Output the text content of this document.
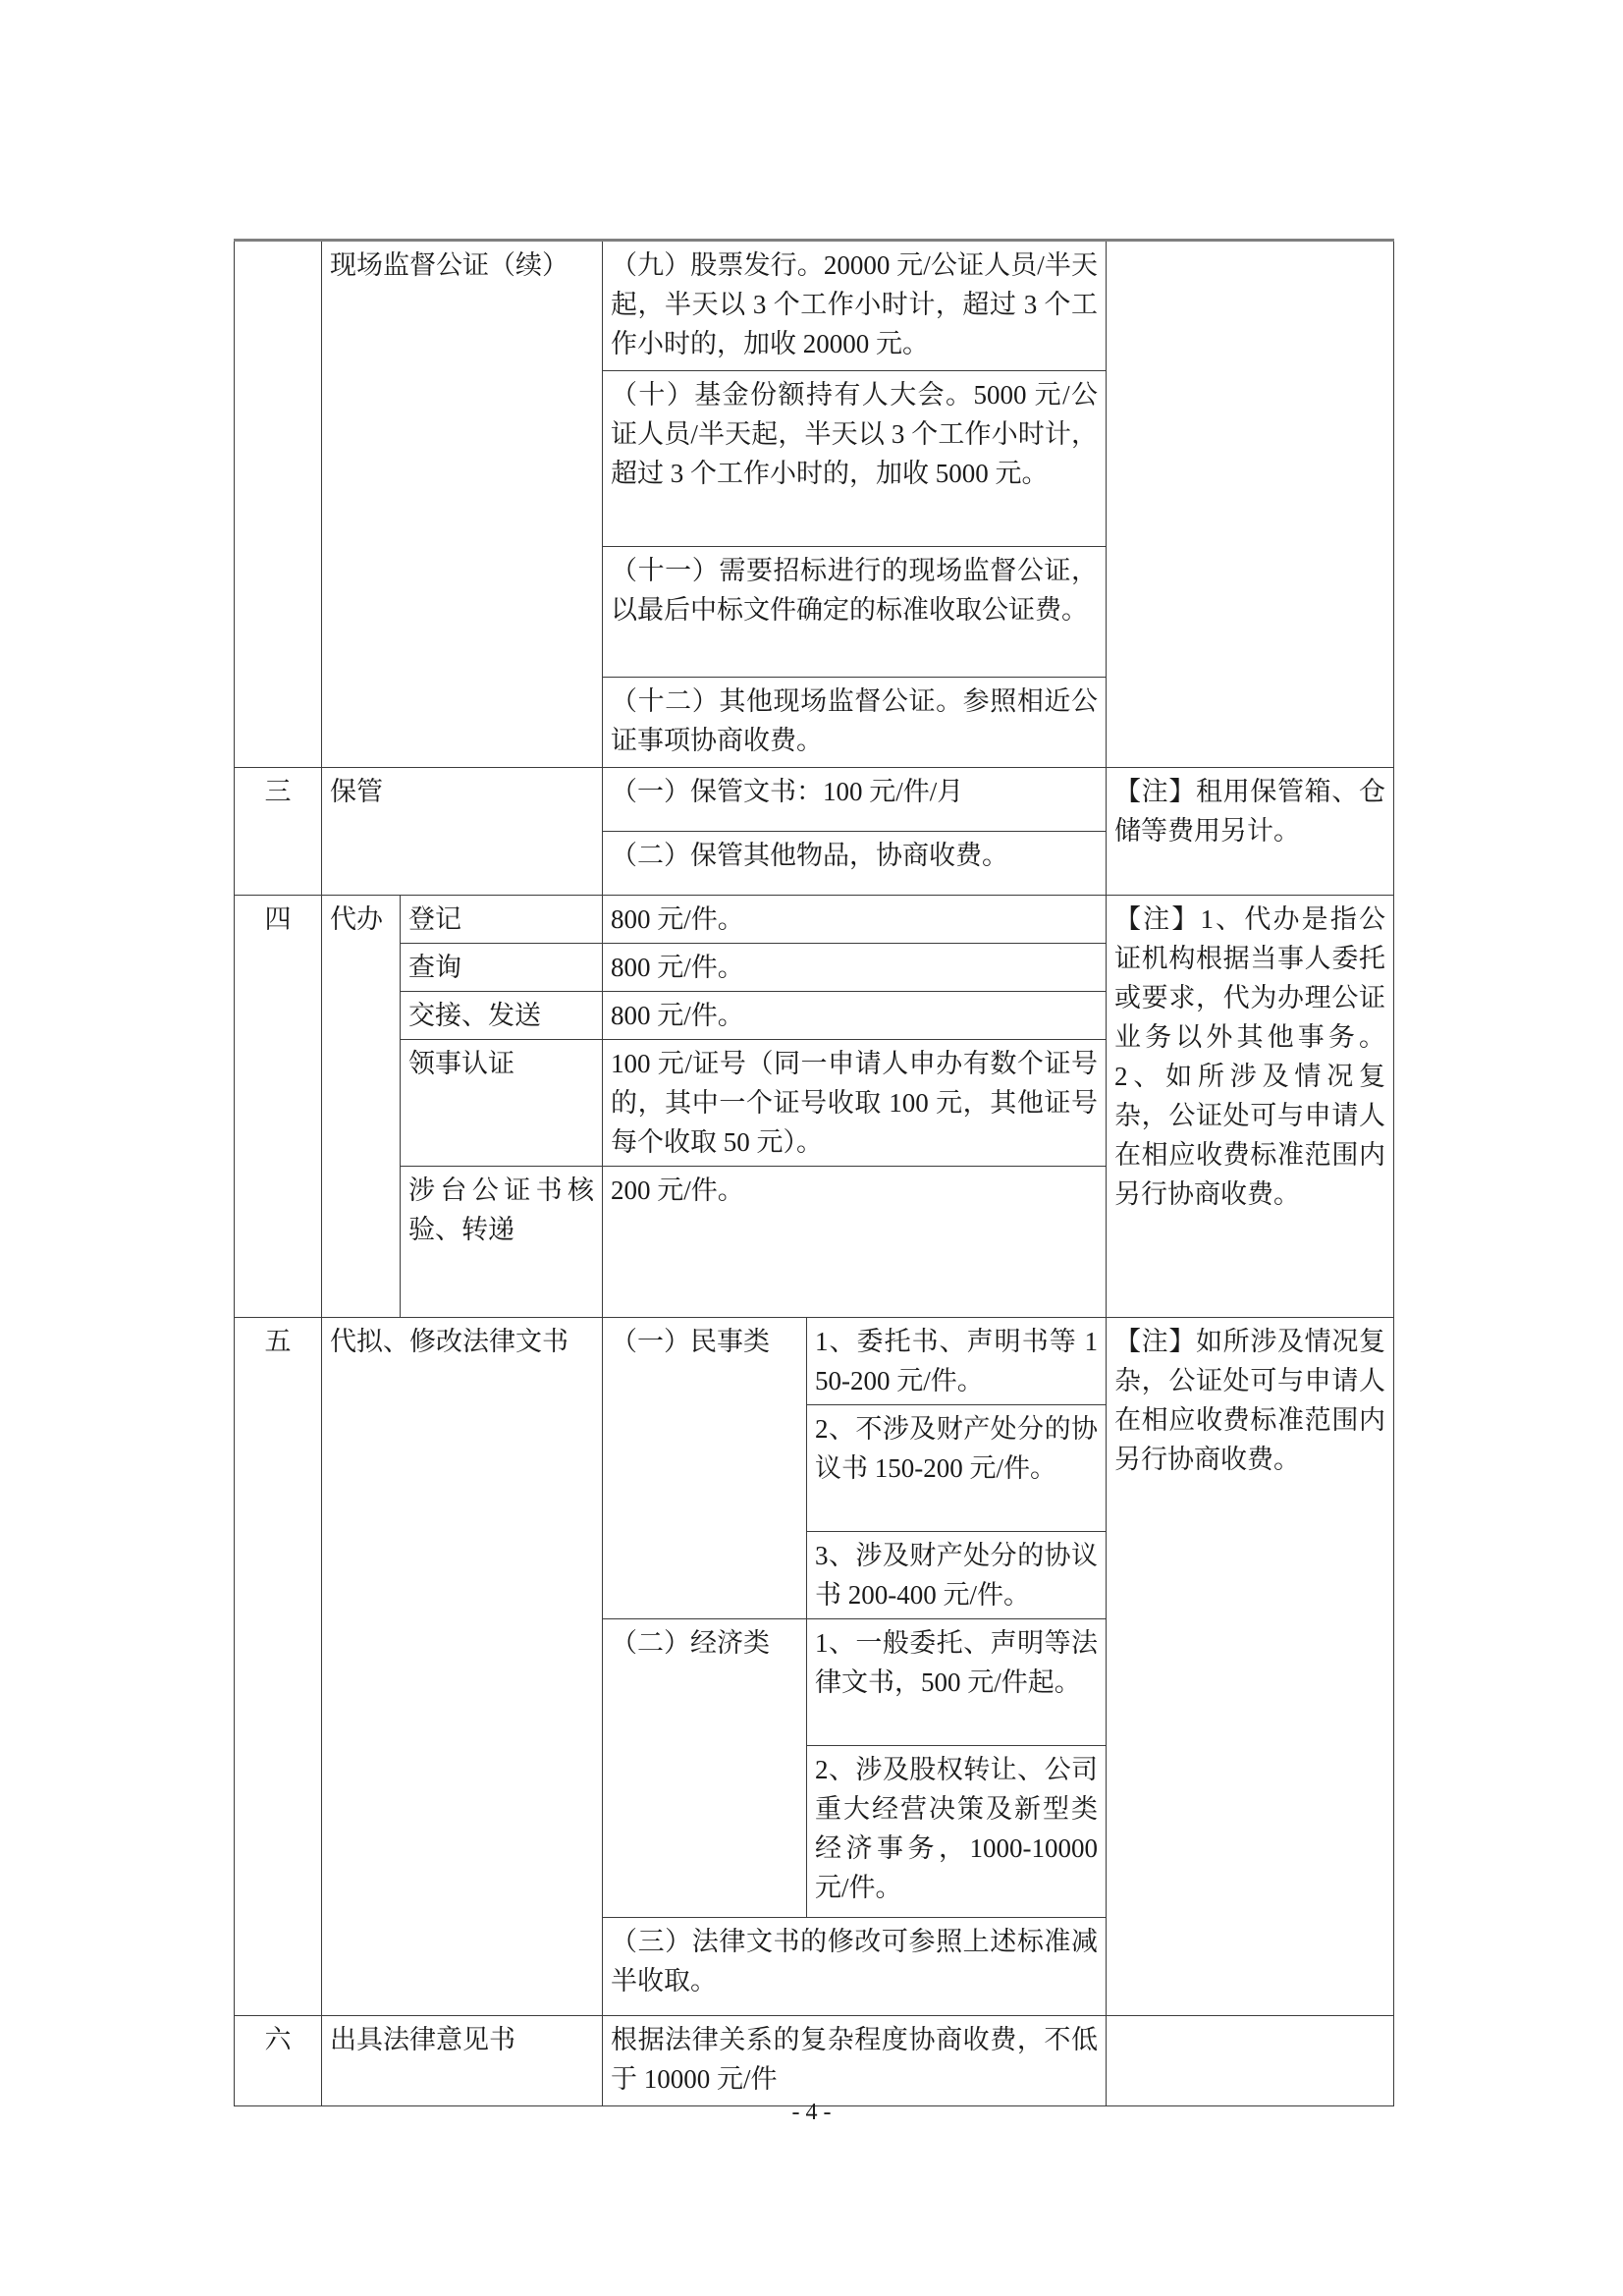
	现场监督公证（续）		（九）股票发行。20000 元/公证人员/半天起，半天以 3 个工作小时计，超过 3 个工作小时的，加收 20000 元。		
			（十）基金份额持有人大会。5000 元/公证人员/半天起，半天以 3 个工作小时计，超过 3 个工作小时的，加收 5000 元。		
			（十一）需要招标进行的现场监督公证，以最后中标文件确定的标准收取公证费。		
			（十二）其他现场监督公证。参照相近公证事项协商收费。		
三	保管		（一）保管文书：100 元/件/月		【注】租用保管箱、仓储等费用另计。
			（二）保管其他物品，协商收费。		
四	代办	登记	800 元/件。		【注】1、代办是指公证机构根据当事人委托或要求，代为办理公证业务以外其他事务。2、如所涉及情况复杂，公证处可与申请人在相应收费标准范围内另行协商收费。
		查询	800 元/件。		
		交接、发送	800 元/件。		
		领事认证	100 元/证号（同一申请人申办有数个证号的，其中一个证号收取 100 元，其他证号每个收取 50 元）。		
		涉台公证书核验、转递	200 元/件。		
五	代拟、修改法律文书		（一）民事类	1、委托书、声明书等 150-200 元/件。	【注】如所涉及情况复杂，公证处可与申请人在相应收费标准范围内另行协商收费。
				2、不涉及财产处分的协议书 150-200 元/件。	
				3、涉及财产处分的协议书 200-400 元/件。	
			（二）经济类	1、一般委托、声明等法律文书，500 元/件起。	
				2、涉及股权转让、公司重大经营决策及新型类经济事务，1000-10000 元/件。	
			（三）法律文书的修改可参照上述标准减半收取。		
六	出具法律意见书		根据法律关系的复杂程度协商收费，不低于 10000 元/件		
- 4 -
